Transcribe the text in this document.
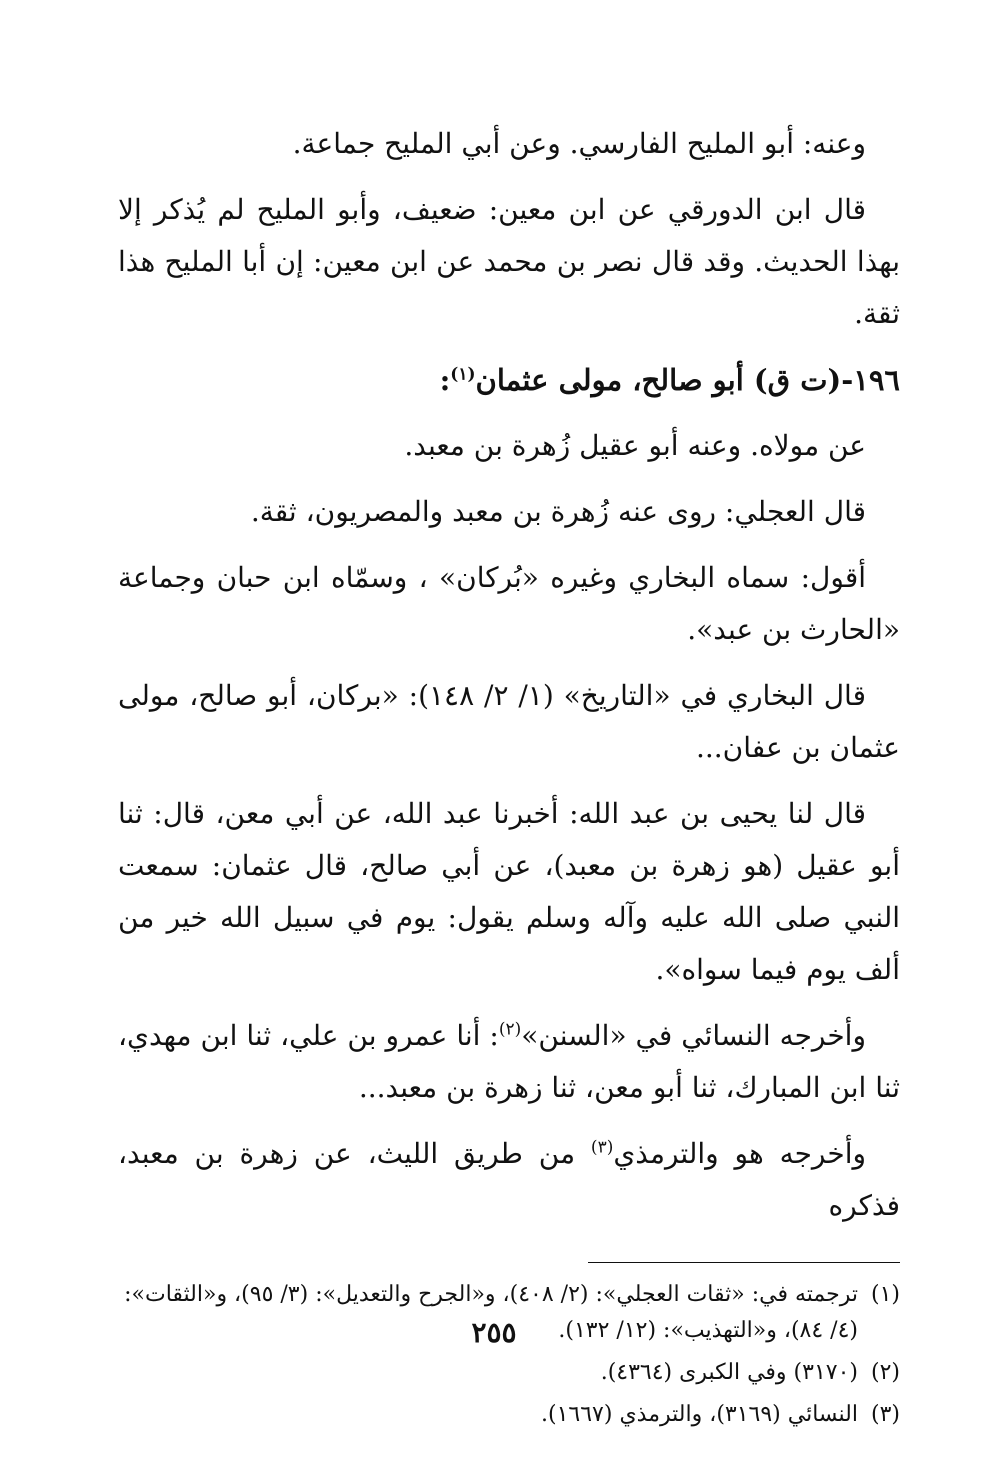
وعنه: أبو المليح الفارسي. وعن أبي المليح جماعة.

قال ابن الدورقي عن ابن معين: ضعيف، وأبو المليح لم يُذكر إلا بهذا الحديث. وقد قال نصر بن محمد عن ابن معين: إن أبا المليح هذا ثقة.

١٩٦-(ت ق) أبو صالح، مولى عثمان$^{(١)}$:

عن مولاه. وعنه أبو عقيل زُهرة بن معبد.

قال العجلي: روى عنه زُهرة بن معبد والمصريون، ثقة.

أقول: سماه البخاري وغيره «بُركان» ، وسمّاه ابن حبان وجماعة «الحارث بن عبد».

قال البخاري في «التاريخ» (١/ ٢/ ١٤٨): «بركان، أبو صالح، مولى عثمان بن عفان...

قال لنا يحيى بن عبد الله: أخبرنا عبد الله، عن أبي معن، قال: ثنا أبو عقيل (هو زهرة بن معبد)، عن أبي صالح، قال عثمان: سمعت النبي صلى الله عليه وآله وسلم يقول: يوم في سبيل الله خير من ألف يوم فيما سواه».

وأخرجه النسائي في «السنن»$^{(٢)}$: أنا عمرو بن علي، ثنا ابن مهدي، ثنا ابن المبارك، ثنا أبو معن، ثنا زهرة بن معبد...

وأخرجه هو والترمذي$^{(٣)}$ من طريق الليث، عن زهرة بن معبد، فذكره

(١)
ترجمته في: «ثقات العجلي»: (٢/ ٤٠٨)، و«الجرح والتعديل»: (٣/ ٩٥)، و«الثقات»: (٤/ ٨٤)، و«التهذيب»: (١٢/ ١٣٢).
(٢)
(٣١٧٠) وفي الكبرى (٤٣٦٤).
(٣)
النسائي (٣١٦٩)، والترمذي (١٦٦٧).
٢٥٥
